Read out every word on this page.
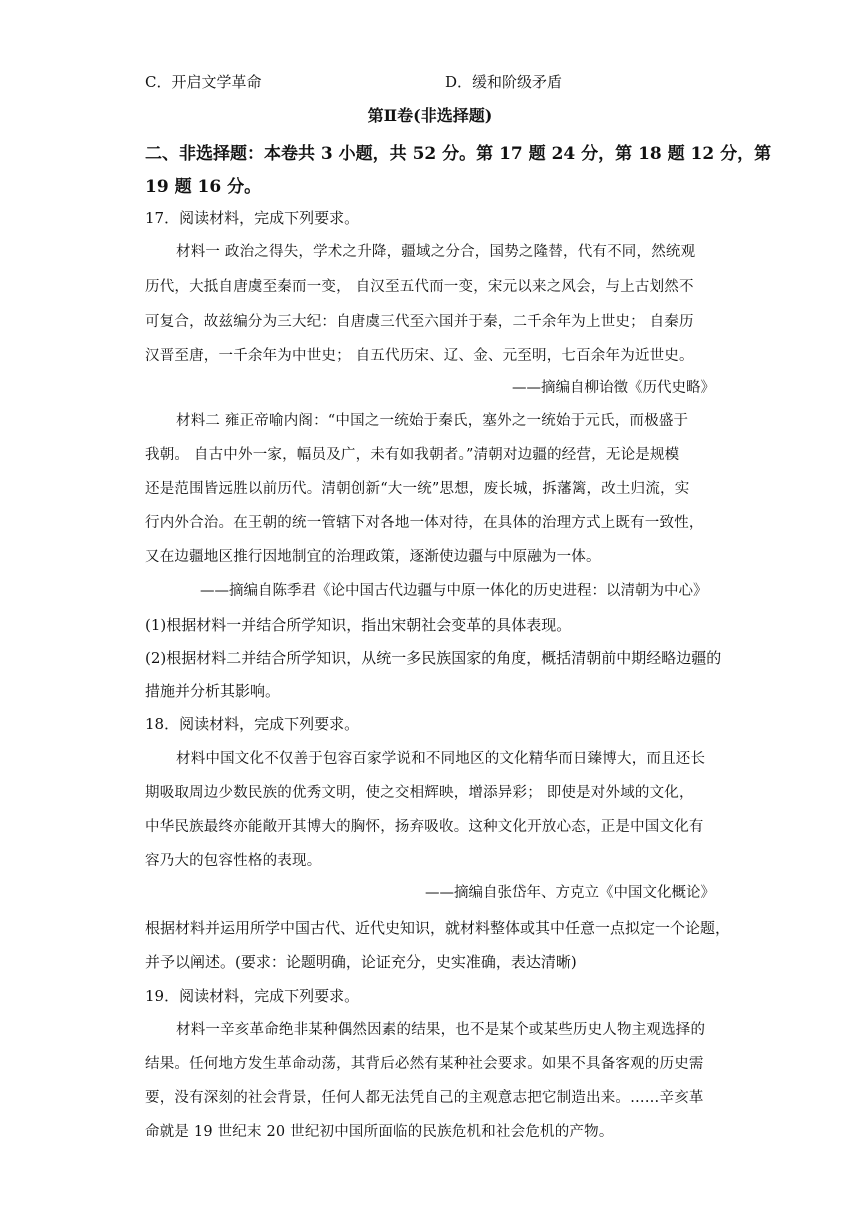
C．开启文学革命	D．缓和阶级矛盾
第Ⅱ卷(非选择题)
二、非选择题：本卷共 3 小题，共 52 分。第 17 题 24 分，第 18 题 12 分，第
19 题 16 分。
17．阅读材料，完成下列要求。
材料一 政治之得失，学术之升降，疆域之分合，国势之隆替，代有不同，然统观
历代，大抵自唐虞至秦而一变， 自汉至五代而一变，宋元以来之风会，与上古划然不
可复合，故兹编分为三大纪：自唐虞三代至六国并于秦，二千余年为上世史； 自秦历
汉晋至唐，一千余年为中世史； 自五代历宋、辽、金、元至明，七百余年为近世史。
——摘编自柳诒徵《历代史略》
材料二 雍正帝喻内阁：“中国之一统始于秦氏，塞外之一统始于元氏，而极盛于
我朝。 自古中外一家，幅员及广，未有如我朝者。”清朝对边疆的经营，无论是规模
还是范围皆远胜以前历代。清朝创新“大一统”思想，废长城，拆藩篱，改土归流，实
行内外合治。在王朝的统一管辖下对各地一体对待，在具体的治理方式上既有一致性，
又在边疆地区推行因地制宜的治理政策，逐渐使边疆与中原融为一体。
——摘编自陈季君《论中国古代边疆与中原一体化的历史进程：以清朝为中心》
(1)根据材料一并结合所学知识，指出宋朝社会变革的具体表现。
(2)根据材料二并结合所学知识，从统一多民族国家的角度，概括清朝前中期经略边疆的
措施并分析其影响。
18．阅读材料，完成下列要求。
材料中国文化不仅善于包容百家学说和不同地区的文化精华而日臻博大，而且还长
期吸取周边少数民族的优秀文明，使之交相辉映，增添异彩； 即使是对外域的文化，
中华民族最终亦能敞开其博大的胸怀，扬弃吸收。这种文化开放心态，正是中国文化有
容乃大的包容性格的表现。
——摘编自张岱年、方克立《中国文化概论》
根据材料并运用所学中国古代、近代史知识，就材料整体或其中任意一点拟定一个论题，
并予以阐述。(要求：论题明确，论证充分，史实准确，表达清晰)
19．阅读材料，完成下列要求。
材料一辛亥革命绝非某种偶然因素的结果，也不是某个或某些历史人物主观选择的
结果。任何地方发生革命动荡，其背后必然有某种社会要求。如果不具备客观的历史需
要，没有深刻的社会背景，任何人都无法凭自己的主观意志把它制造出来。……辛亥革
命就是 19 世纪末 20 世纪初中国所面临的民族危机和社会危机的产物。
